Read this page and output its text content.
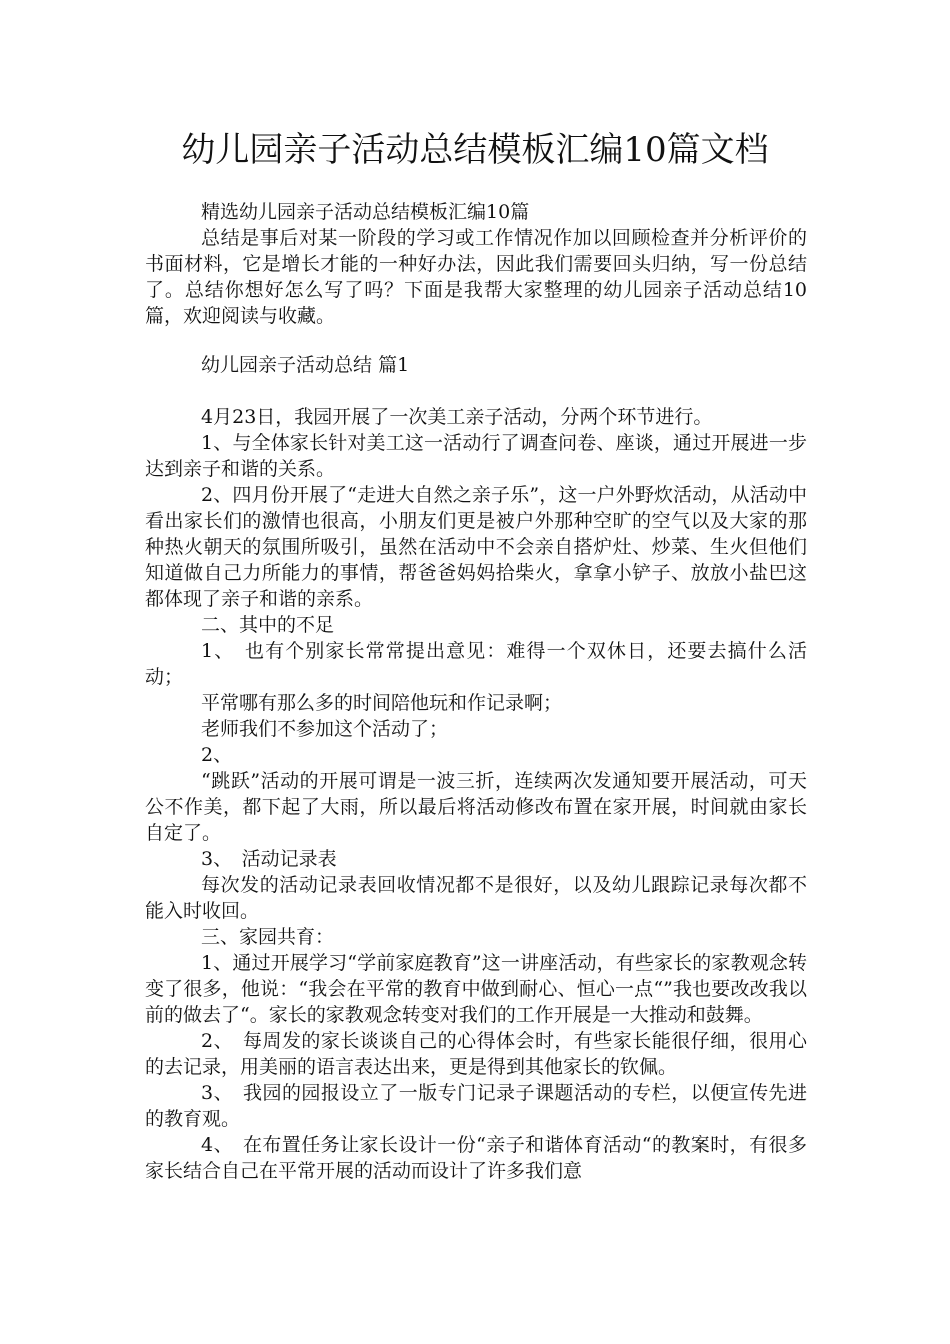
幼儿园亲子活动总结模板汇编10篇文档

精选幼儿园亲子活动总结模板汇编10篇

总结是事后对某一阶段的学习或工作情况作加以回顾检查并分析评价的书面材料，它是增长才能的一种好办法，因此我们需要回头归纳，写一份总结了。总结你想好怎么写了吗？下面是我帮大家整理的幼儿园亲子活动总结10篇，欢迎阅读与收藏。

幼儿园亲子活动总结 篇1

4月23日，我园开展了一次美工亲子活动，分两个环节进行。

1、与全体家长针对美工这一活动行了调查问卷、座谈，通过开展进一步达到亲子和谐的关系。

2、四月份开展了“走进大自然之亲子乐”，这一户外野炊活动，从活动中看出家长们的激情也很高，小朋友们更是被户外那种空旷的空气以及大家的那种热火朝天的氛围所吸引，虽然在活动中不会亲自搭炉灶、炒菜、生火但他们知道做自己力所能力的事情，帮爸爸妈妈拾柴火，拿拿小铲子、放放小盐巴这都体现了亲子和谐的亲系。

二、其中的不足

1、　也有个别家长常常提出意见：难得一个双休日，还要去搞什么活动；

平常哪有那么多的时间陪他玩和作记录啊；

老师我们不参加这个活动了；

2、

“跳跃”活动的开展可谓是一波三折，连续两次发通知要开展活动，可天公不作美，都下起了大雨，所以最后将活动修改布置在家开展，时间就由家长自定了。

3、　活动记录表

每次发的活动记录表回收情况都不是很好，以及幼儿跟踪记录每次都不能入时收回。

三、家园共育：

1、通过开展学习“学前家庭教育”这一讲座活动，有些家长的家教观念转变了很多，他说：“我会在平常的教育中做到耐心、恒心一点“”我也要改改我以前的做去了“。家长的家教观念转变对我们的工作开展是一大推动和鼓舞。

2、　每周发的家长谈谈自己的心得体会时，有些家长能很仔细，很用心的去记录，用美丽的语言表达出来，更是得到其他家长的钦佩。

3、　我园的园报设立了一版专门记录子课题活动的专栏，以便宣传先进的教育观。

4、　在布置任务让家长设计一份“亲子和谐体育活动“的教案时，有很多家长结合自己在平常开展的活动而设计了许多我们意
